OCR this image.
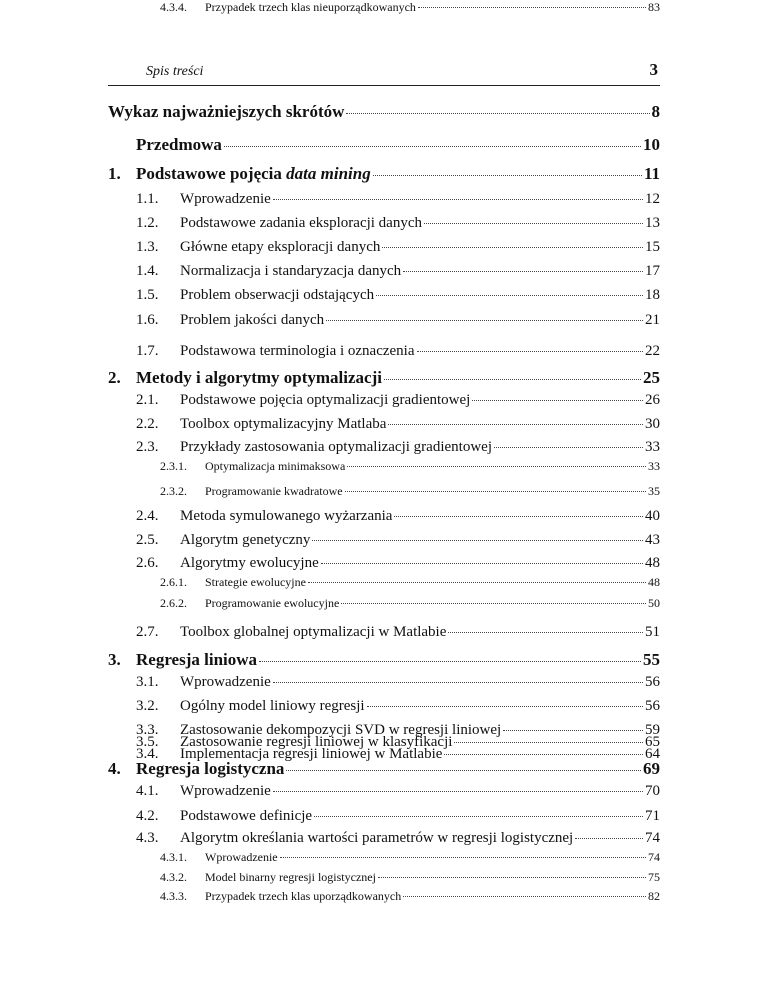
Spis treści	3
Wykaz najważniejszych skrótów	8
Przedmowa	10
1. Podstawowe pojęcia data mining	11
1.1.	Wprowadzenie	12
1.2.	Podstawowe zadania eksploracji danych	13
1.3.	Główne etapy eksploracji danych	15
1.4.	Normalizacja i standaryzacja danych	17
1.5.	Problem obserwacji odstających	18
1.6.	Problem jakości danych	21
1.7.	Podstawowa terminologia i oznaczenia	22
2. Metody i algorytmy optymalizacji	25
2.1.	Podstawowe pojęcia optymalizacji gradientowej	26
2.2.	Toolbox optymalizacyjny Matlaba	30
2.3.	Przykłady zastosowania optymalizacji gradientowej	33
2.3.1.	Optymalizacja minimaksowa	33
2.3.2.	Programowanie kwadratowe	35
2.4.	Metoda symulowanego wyżarzania	40
2.5.	Algorytm genetyczny	43
2.6.	Algorytmy ewolucyjne	48
2.6.1.	Strategie ewolucyjne	48
2.6.2.	Programowanie ewolucyjne	50
2.7.	Toolbox globalnej optymalizacji w Matlabie	51
3. Regresja liniowa	55
3.1.	Wprowadzenie	56
3.2.	Ogólny model liniowy regresji	56
3.3.	Zastosowanie dekompozycji SVD w regresji liniowej	59
3.4.	Implementacja regresji liniowej w Matlabie	64
3.5.	Zastosowanie regresji liniowej w klasyfikacji	65
4. Regresja logistyczna	69
4.1.	Wprowadzenie	70
4.2.	Podstawowe definicje	71
4.3.	Algorytm określania wartości parametrów w regresji logistycznej	74
4.3.1.	Wprowadzenie	74
4.3.2.	Model binarny regresji logistycznej	75
4.3.3.	Przypadek trzech klas uporządkowanych	82
4.3.4.	Przypadek trzech klas nieuporządkowanych	83
